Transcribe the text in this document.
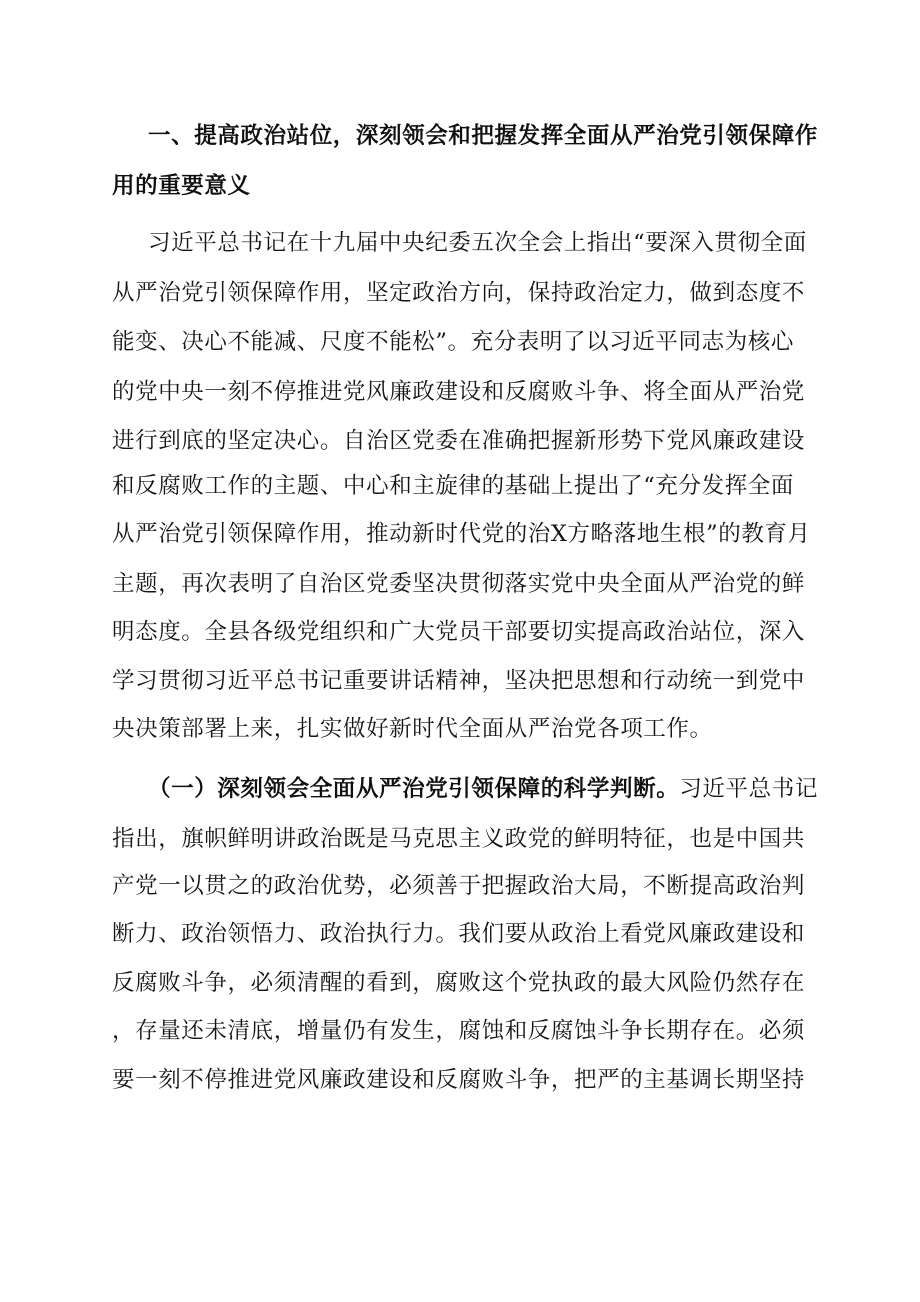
一、提高政治站位，深刻领会和把握发挥全面从严治党引领保障作
用的重要意义
习近平总书记在十九届中央纪委五次全会上指出“要深入贯彻全面
从严治党引领保障作用，坚定政治方向，保持政治定力，做到态度不
能变、决心不能减、尺度不能松”。充分表明了以习近平同志为核心
的党中央一刻不停推进党风廉政建设和反腐败斗争、将全面从严治党
进行到底的坚定决心。自治区党委在准确把握新形势下党风廉政建设
和反腐败工作的主题、中心和主旋律的基础上提出了“充分发挥全面
从严治党引领保障作用，推动新时代党的治X方略落地生根”的教育月
主题，再次表明了自治区党委坚决贯彻落实党中央全面从严治党的鲜
明态度。全县各级党组织和广大党员干部要切实提高政治站位，深入
学习贯彻习近平总书记重要讲话精神，坚决把思想和行动统一到党中
央决策部署上来，扎实做好新时代全面从严治党各项工作。
（一）深刻领会全面从严治党引领保障的科学判断。习近平总书记
指出，旗帜鲜明讲政治既是马克思主义政党的鲜明特征，也是中国共
产党一以贯之的政治优势，必须善于把握政治大局，不断提高政治判
断力、政治领悟力、政治执行力。我们要从政治上看党风廉政建设和
反腐败斗争，必须清醒的看到，腐败这个党执政的最大风险仍然存在
，存量还未清底，增量仍有发生，腐蚀和反腐蚀斗争长期存在。必须
要一刻不停推进党风廉政建设和反腐败斗争，把严的主基调长期坚持
